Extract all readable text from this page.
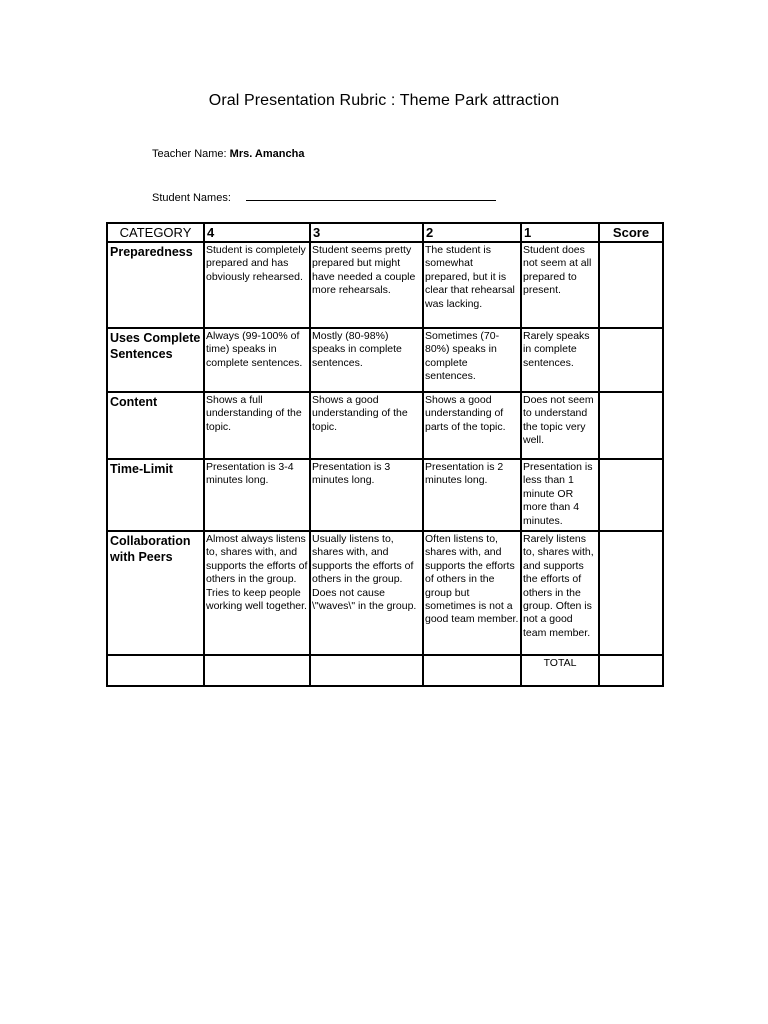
Oral Presentation Rubric : Theme Park attraction
Teacher Name: Mrs. Amancha
Student Names:
CATEGORY	4	3	2	1	Score
Preparedness	Student is completely prepared and has obviously rehearsed.	Student seems pretty prepared but might have needed a couple more rehearsals.	The student is somewhat prepared, but it is clear that rehearsal was lacking.	Student does not seem at all prepared to present.	
Uses Complete Sentences	Always (99-100% of time) speaks in complete sentences.	Mostly (80-98%) speaks in complete sentences.	Sometimes (70-80%) speaks in complete sentences.	Rarely speaks in complete sentences.	
Content	Shows a full understanding of the topic.	Shows a good understanding of the topic.	Shows a good understanding of parts of the topic.	Does not seem to understand the topic very well.	
Time-Limit	Presentation is 3-4 minutes long.	Presentation is 3 minutes long.	Presentation is 2 minutes long.	Presentation is less than 1 minute OR more than 4 minutes.	
Collaboration with Peers	Almost always listens to, shares with, and supports the efforts of others in the group. Tries to keep people working well together.	Usually listens to, shares with, and supports the efforts of others in the group. Does not cause \"waves\" in the group.	Often listens to, shares with, and supports the efforts of others in the group but sometimes is not a good team member.	Rarely listens to, shares with, and supports the efforts of others in the group. Often is not a good team member.	
				TOTAL	
